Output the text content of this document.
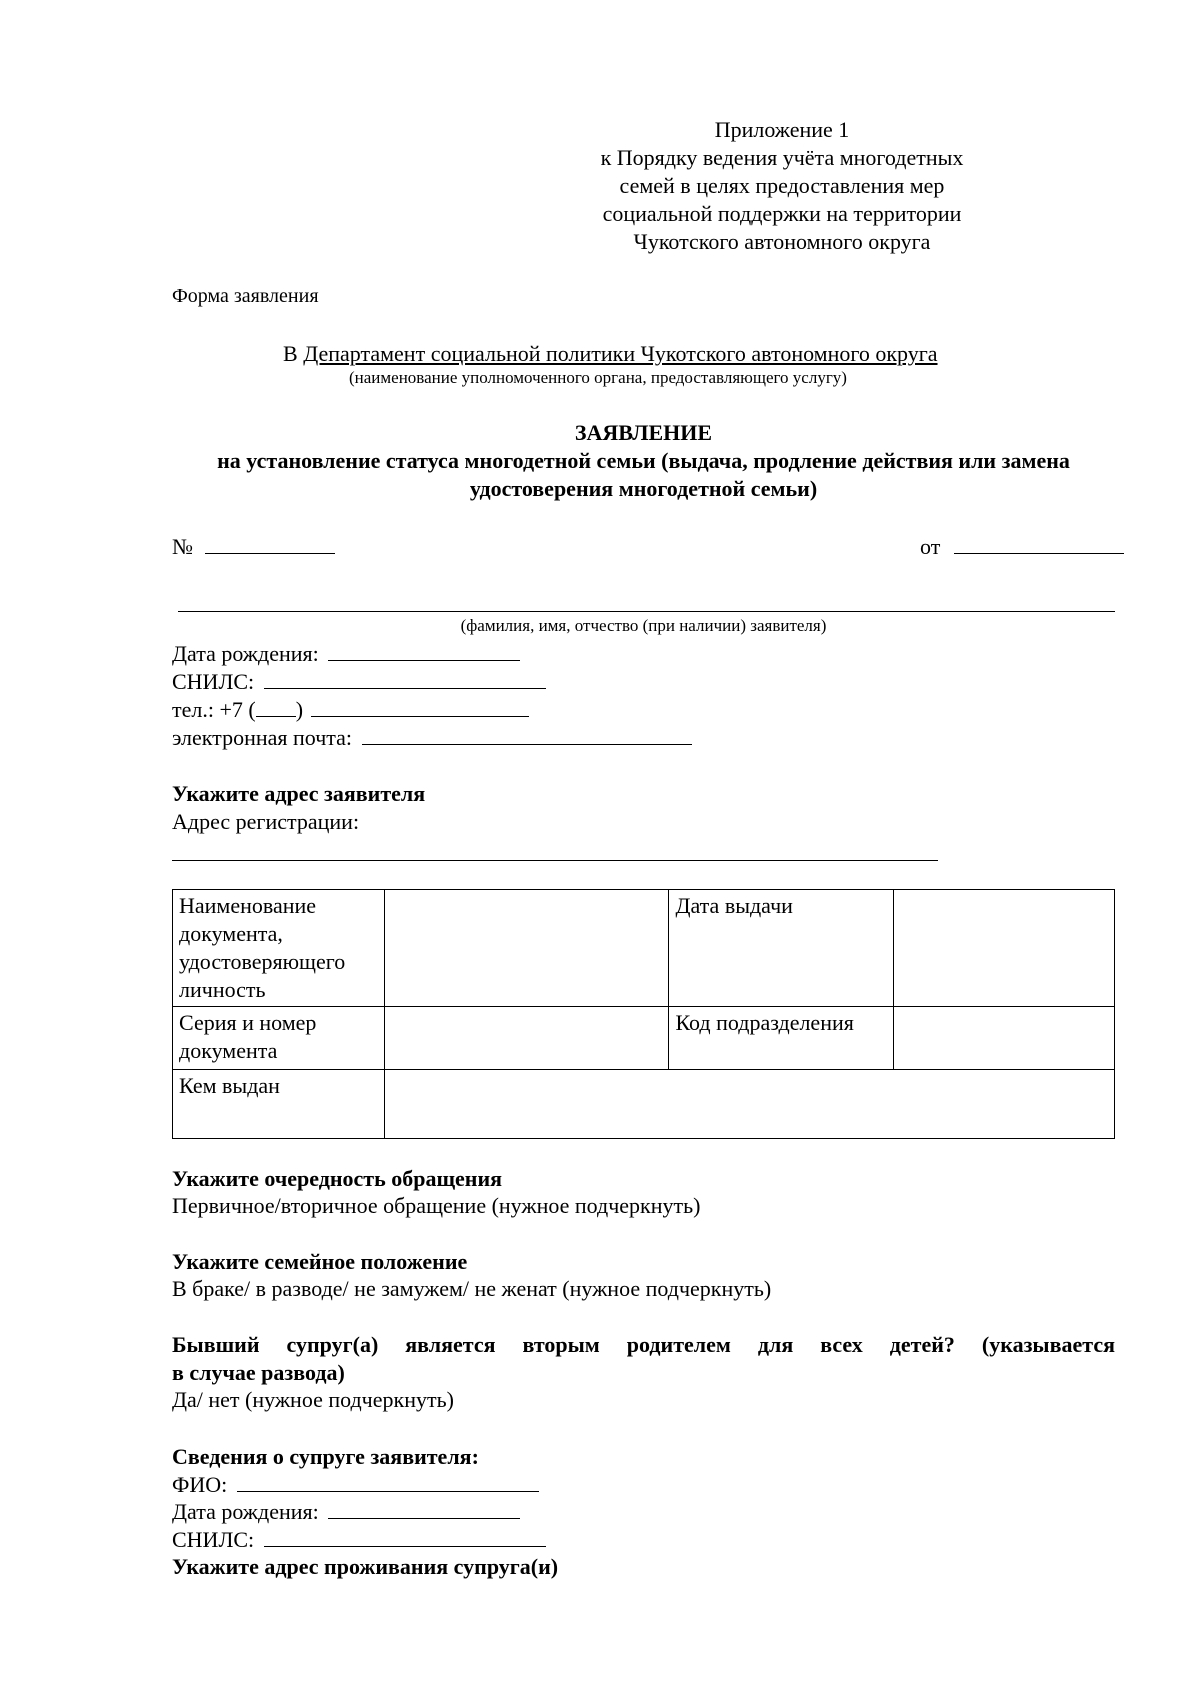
Приложение 1
к Порядку ведения учёта многодетных
семей в целях предоставления мер
социальной поддержки на территории
Чукотского автономного округа
Форма заявления
В Департамент социальной политики Чукотского автономного округа
(наименование уполномоченного органа, предоставляющего услугу)
ЗАЯВЛЕНИЕ
на установление статуса многодетной семьи (выдача, продление действия или замена
удостоверения многодетной семьи)
№	от
(фамилия, имя, отчество (при наличии) заявителя)
Дата рождения:
СНИЛС:
тел.: +7 ( )
электронная почта:
Укажите адрес заявителя
Адрес регистрации:
Наименование документа, удостоверяющего личность		Дата выдачи	
Серия и номер документа		Код подразделения	
Кем выдан			
Укажите очередность обращения
Первичное/вторичное обращение (нужное подчеркнуть)
Укажите семейное положение
В браке/ в разводе/ не замужем/ не женат (нужное подчеркнуть)
Бывший супруг(а) является вторым родителем для всех детей? (указывается
в случае развода)
Да/ нет (нужное подчеркнуть)
Сведения о супруге заявителя:
ФИО:
Дата рождения:
СНИЛС:
Укажите адрес проживания супруга(и)
